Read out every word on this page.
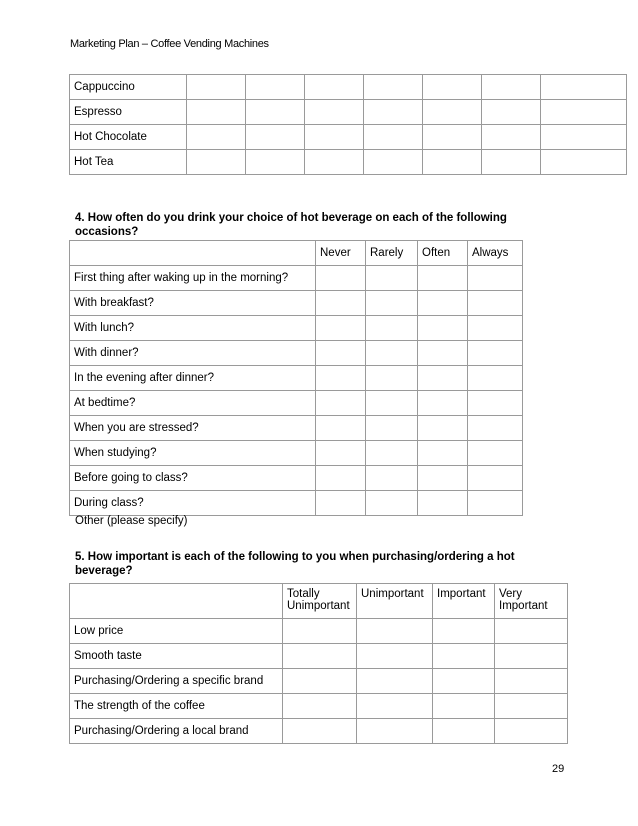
Marketing Plan – Coffee Vending Machines
Cappuccino							
Espresso							
Hot Chocolate							
Hot Tea							
4. How often do you drink your choice of hot beverage on each of the following occasions?
	Never	Rarely	Often	Always
First thing after waking up in the morning?				
With breakfast?				
With lunch?				
With dinner?				
In the evening after dinner?				
At bedtime?				
When you are stressed?				
When studying?				
Before going to class?				
During class?				
Other (please specify)
5. How important is each of the following to you when purchasing/ordering a hot beverage?
	Totally Unimportant	Unimportant	Important	Very Important
Low price				
Smooth taste				
Purchasing/Ordering a specific brand				
The strength of the coffee				
Purchasing/Ordering a local brand				
29
